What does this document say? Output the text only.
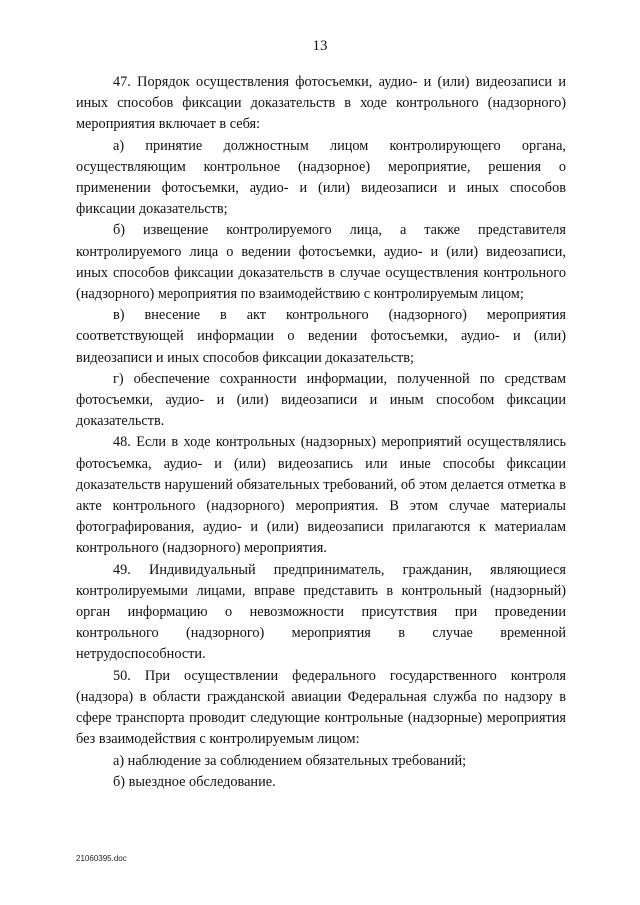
13

47. Порядок осуществления фотосъемки, аудио- и (или) видеозаписи и иных способов фиксации доказательств в ходе контрольного (надзорного) мероприятия включает в себя:

а) принятие должностным лицом контролирующего органа, осуществляющим контрольное (надзорное) мероприятие, решения о применении фотосъемки, аудио- и (или) видеозаписи и иных способов фиксации доказательств;

б) извещение контролируемого лица, а также представителя контролируемого лица о ведении фотосъемки, аудио- и (или) видеозаписи, иных способов фиксации доказательств в случае осуществления контрольного (надзорного) мероприятия по взаимодействию с контролируемым лицом;

в) внесение в акт контрольного (надзорного) мероприятия соответствующей информации о ведении фотосъемки, аудио- и (или) видеозаписи и иных способов фиксации доказательств;

г) обеспечение сохранности информации, полученной по средствам фотосъемки, аудио- и (или) видеозаписи и иным способом фиксации доказательств.

48. Если в ходе контрольных (надзорных) мероприятий осуществлялись фотосъемка, аудио- и (или) видеозапись или иные способы фиксации доказательств нарушений обязательных требований, об этом делается отметка в акте контрольного (надзорного) мероприятия. В этом случае материалы фотографирования, аудио- и (или) видеозаписи прилагаются к материалам контрольного (надзорного) мероприятия.

49. Индивидуальный предприниматель, гражданин, являющиеся контролируемыми лицами, вправе представить в контрольный (надзорный) орган информацию о невозможности присутствия при проведении контрольного (надзорного) мероприятия в случае временной нетрудоспособности.

50. При осуществлении федерального государственного контроля (надзора) в области гражданской авиации Федеральная служба по надзору в сфере транспорта проводит следующие контрольные (надзорные) мероприятия без взаимодействия с контролируемым лицом:

а) наблюдение за соблюдением обязательных требований;

б) выездное обследование.

21060395.doc
